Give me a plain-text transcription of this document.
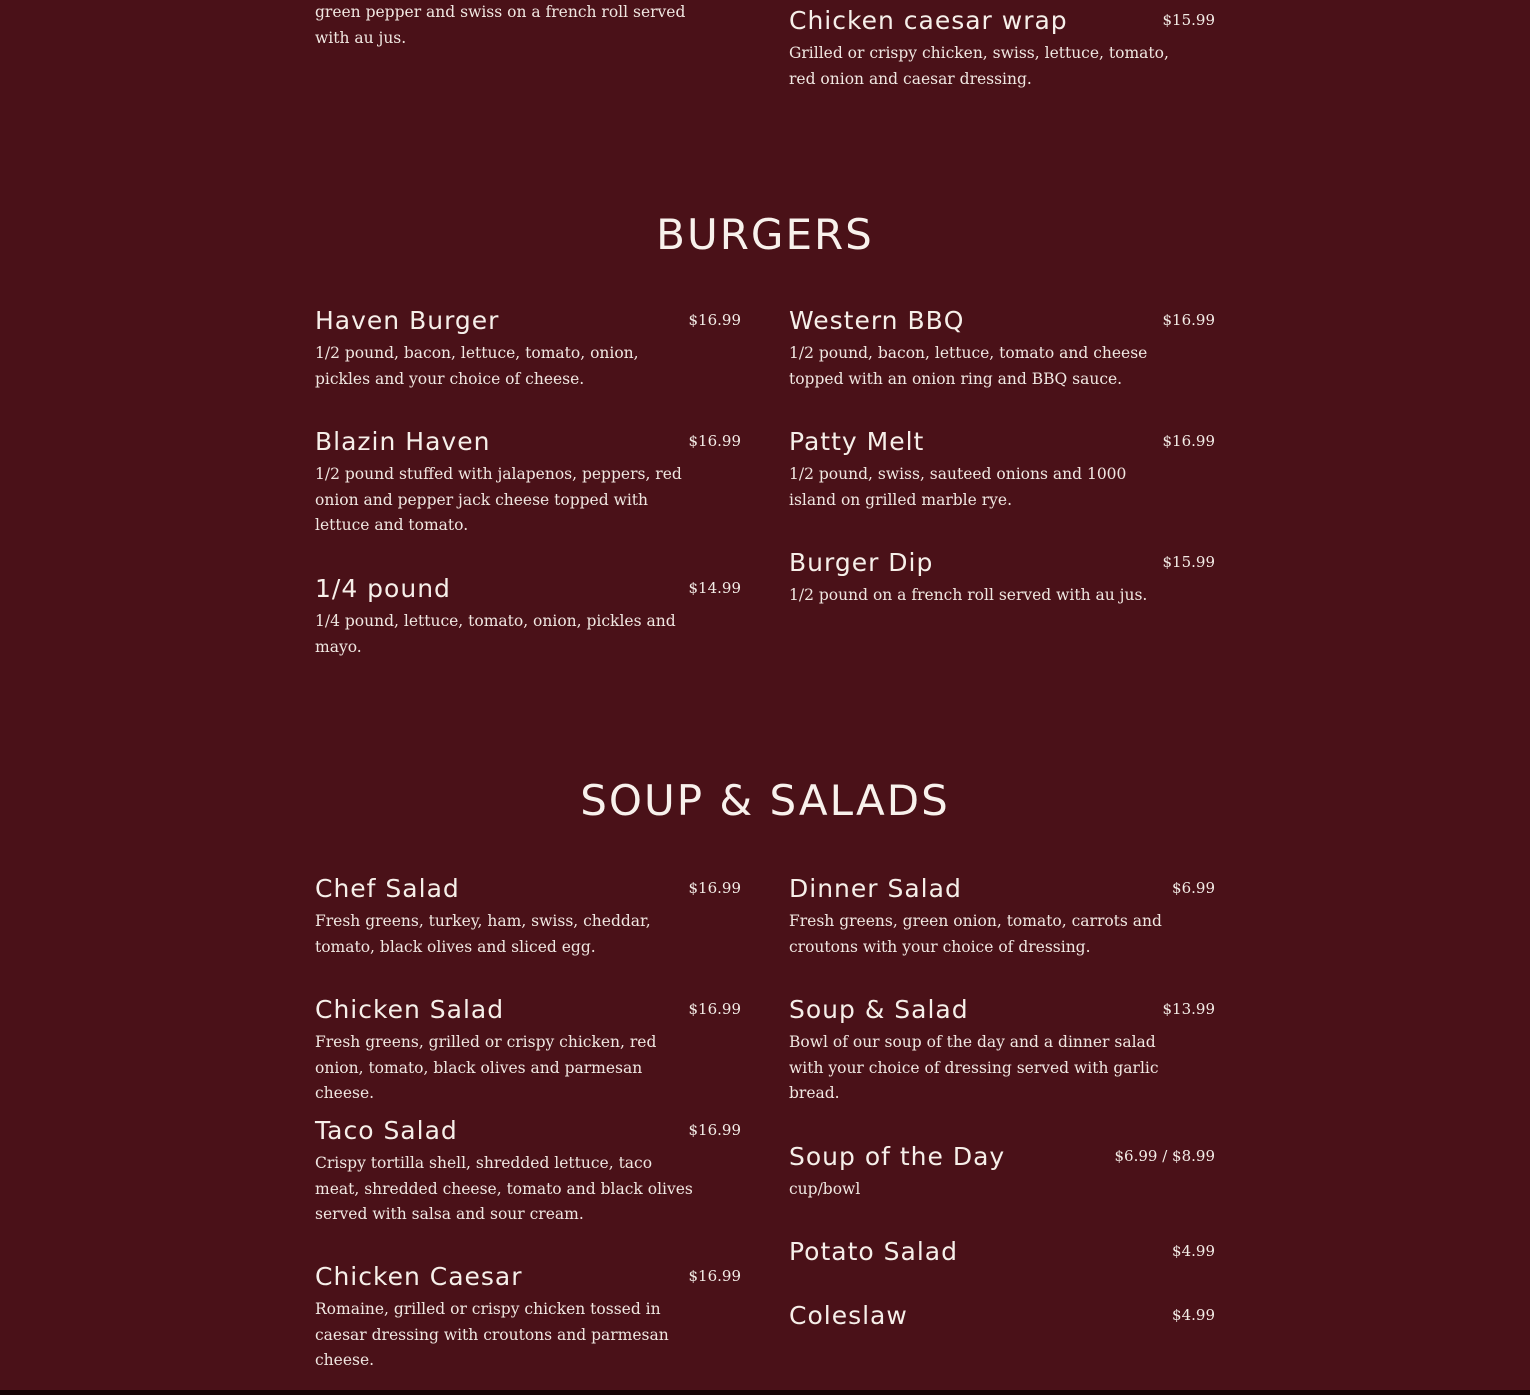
green pepper and swiss on a french roll served with au jus.

Chicken caesar wrap	$15.99

Grilled or crispy chicken, swiss, lettuce, tomato, red onion and caesar dressing.

BURGERS
Haven Burger	$16.99

1/2 pound, bacon, lettuce, tomato, onion, pickles and your choice of cheese.

Blazin Haven	$16.99

1/2 pound stuffed with jalapenos, peppers, red onion and pepper jack cheese topped with lettuce and tomato.

1/4 pound	$14.99

1/4 pound, lettuce, tomato, onion, pickles and mayo.

Western BBQ	$16.99

1/2 pound, bacon, lettuce, tomato and cheese topped with an onion ring and BBQ sauce.

Patty Melt	$16.99

1/2 pound, swiss, sauteed onions and 1000 island on grilled marble rye.

Burger Dip	$15.99

1/2 pound on a french roll served with au jus.

SOUP & SALADS
Chef Salad	$16.99

Fresh greens, turkey, ham, swiss, cheddar, tomato, black olives and sliced egg.

Chicken Salad	$16.99

Fresh greens, grilled or crispy chicken, red onion, tomato, black olives and parmesan cheese.

Taco Salad	$16.99

Crispy tortilla shell, shredded lettuce, taco meat, shredded cheese, tomato and black olives served with salsa and sour cream.

Chicken Caesar	$16.99

Romaine, grilled or crispy chicken tossed in caesar dressing with croutons and parmesan cheese.

Dinner Salad	$6.99

Fresh greens, green onion, tomato, carrots and croutons with your choice of dressing.

Soup & Salad	$13.99

Bowl of our soup of the day and a dinner salad with your choice of dressing served with garlic bread.

Soup of the Day	$6.99 / $8.99

cup/bowl

Potato Salad	$4.99
Coleslaw	$4.99
